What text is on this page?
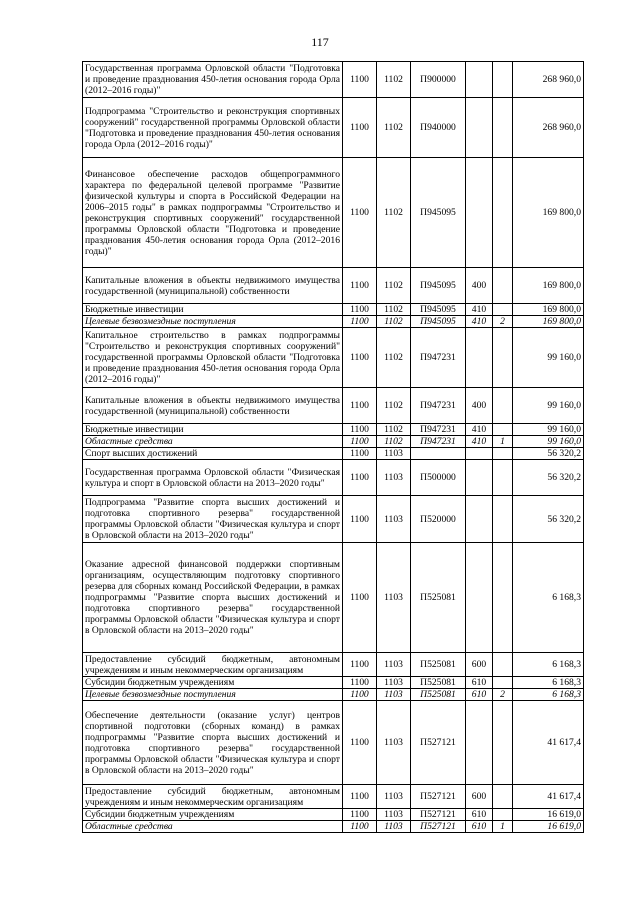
117
Государственная программа Орловской области "Подготовка и проведение празднования 450-летия основания города Орла (2012–2016 годы)"	1100	1102	П900000			268 960,0
Подпрограмма "Строительство и реконструкция спортивных сооружений" государственной программы Орловской области "Подготовка и проведение празднования 450-летия основания города Орла (2012–2016 годы)"	1100	1102	П940000			268 960,0
Финансовое обеспечение расходов общепрограммного характера по федеральной целевой программе "Развитие физической культуры и спорта в Российской Федерации на 2006–2015 годы" в рамках подпрограммы "Строительство и реконструкция спортивных сооружений" государственной программы Орловской области "Подготовка и проведение празднования 450-летия основания города Орла (2012–2016 годы)"	1100	1102	П945095			169 800,0
Капитальные вложения в объекты недвижимого имущества государственной (муниципальной) собственности	1100	1102	П945095	400		169 800,0
Бюджетные инвестиции	1100	1102	П945095	410		169 800,0
Целевые безвозмездные поступления	1100	1102	П945095	410	2	169 800,0
Капитальное строительство в рамках подпрограммы "Строительство и реконструкция спортивных сооружений" государственной программы Орловской области "Подготовка и проведение празднования 450-летия основания города Орла (2012–2016 годы)"	1100	1102	П947231			99 160,0
Капитальные вложения в объекты недвижимого имущества государственной (муниципальной) собственности	1100	1102	П947231	400		99 160,0
Бюджетные инвестиции	1100	1102	П947231	410		99 160,0
Областные средства	1100	1102	П947231	410	1	99 160,0
Спорт высших достижений	1100	1103				56 320,2
Государственная программа Орловской области "Физическая культура и спорт в Орловской области на 2013–2020 годы"	1100	1103	П500000			56 320,2
Подпрограмма "Развитие спорта высших достижений и подготовка спортивного резерва" государственной программы Орловской области "Физическая культура и спорт в Орловской области на 2013–2020 годы"	1100	1103	П520000			56 320,2
Оказание адресной финансовой поддержки спортивным организациям, осуществляющим подготовку спортивного резерва для сборных команд Российской Федерации, в рамках подпрограммы "Развитие спорта высших достижений и подготовка спортивного резерва" государственной программы Орловской области "Физическая культура и спорт в Орловской области на 2013–2020 годы"	1100	1103	П525081			6 168,3
Предоставление субсидий бюджетным, автономным учреждениям и иным некоммерческим организациям	1100	1103	П525081	600		6 168,3
Субсидии бюджетным учреждениям	1100	1103	П525081	610		6 168,3
Целевые безвозмездные поступления	1100	1103	П525081	610	2	6 168,3
Обеспечение деятельности (оказание услуг) центров спортивной подготовки (сборных команд) в рамках подпрограммы "Развитие спорта высших достижений и подготовка спортивного резерва" государственной программы Орловской области "Физическая культура и спорт в Орловской области на 2013–2020 годы"	1100	1103	П527121			41 617,4
Предоставление субсидий бюджетным, автономным учреждениям и иным некоммерческим организациям	1100	1103	П527121	600		41 617,4
Субсидии бюджетным учреждениям	1100	1103	П527121	610		16 619,0
Областные средства	1100	1103	П527121	610	1	16 619,0
